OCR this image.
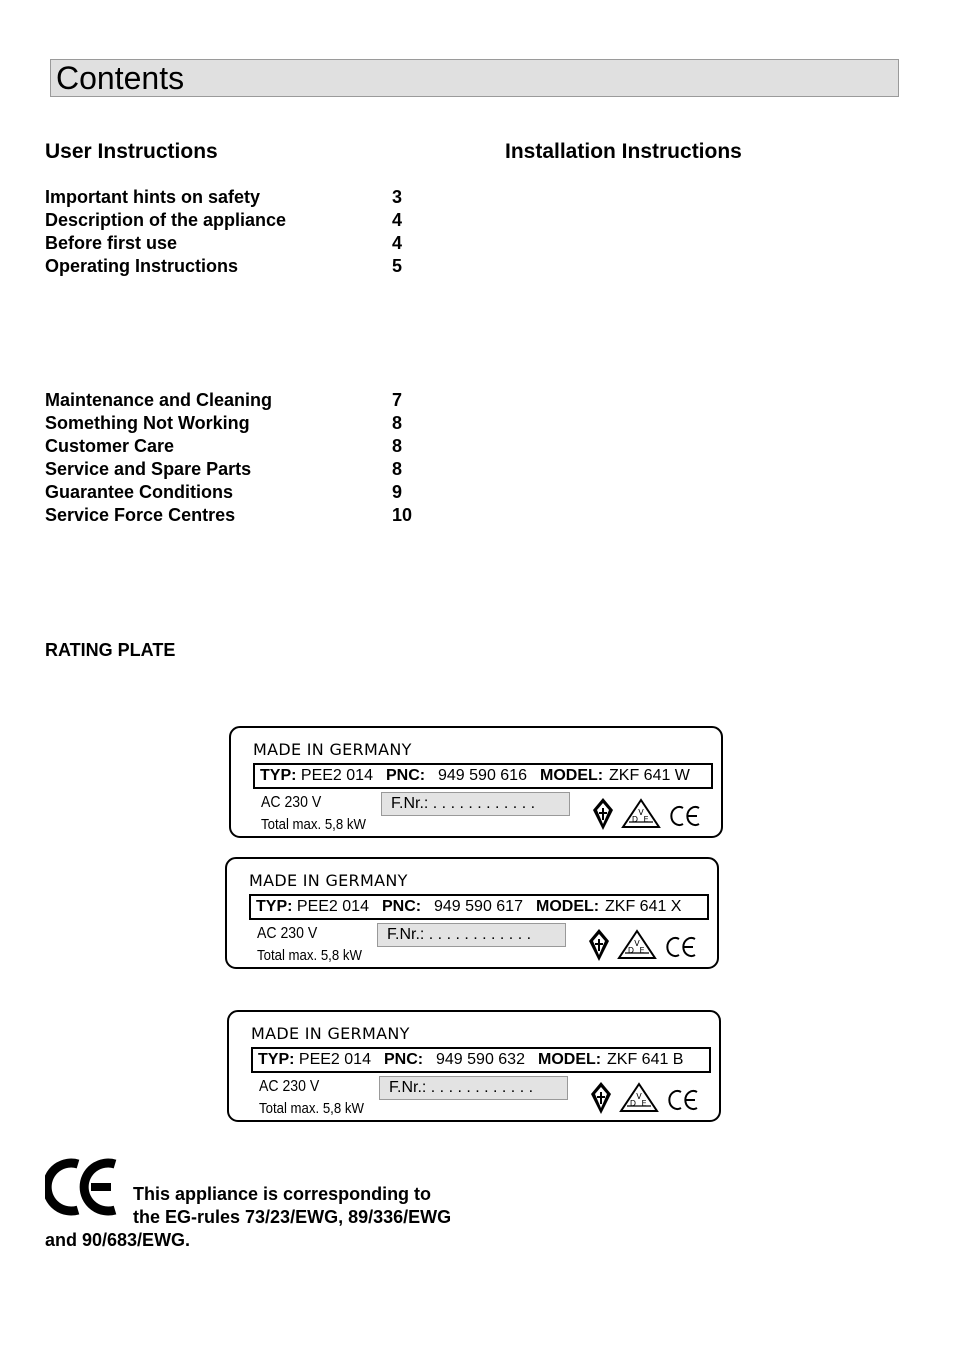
Contents
User Instructions	Installation Instructions
Important hints on safety	3
Description of the appliance	4
Before first use	4
Operating Instructions	5
Maintenance and Cleaning	7
Something Not Working	8
Customer Care	8
Service and Spare Parts	8
Guarantee Conditions	9
Service Force Centres	10
RATING PLATE
MADE IN GERMANY
TYP: PEE2 014 PNC: 949 590 616 MODEL: ZKF 641 W
AC 230 V	F.Nr.: . . . . . . . . . . . .
Total max. 5,8 kW
V
D E
MADE IN GERMANY
TYP: PEE2 014 PNC: 949 590 617 MODEL: ZKF 641 X
AC 230 V	F.Nr.: . . . . . . . . . . . .
Total max. 5,8 kW
V
D E
MADE IN GERMANY
TYP: PEE2 014 PNC: 949 590 632 MODEL: ZKF 641 B
AC 230 V	F.Nr.: . . . . . . . . . . . .
Total max. 5,8 kW
V
D E
This appliance is corresponding to
the EG-rules 73/23/EWG, 89/336/EWG
and 90/683/EWG.
